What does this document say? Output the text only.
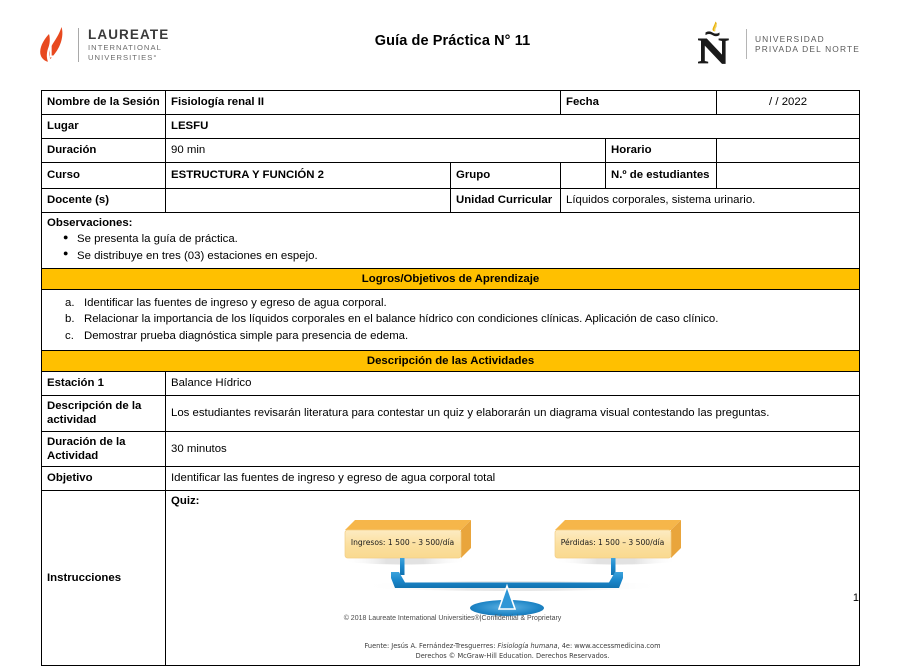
LAUREATE
INTERNATIONAL
UNIVERSITIES°
Guía de Práctica N° 11	UNIVERSIDAD
PRIVADA DEL NORTE
Nombre de la Sesión	Fisiología renal II		Fecha		/ / 2022
Lugar	LESFU				
Duración	90 min			Horario	
Curso	ESTRUCTURA Y FUNCIÓN 2	Grupo		N.º de estudiantes	
Docente (s)		Unidad Curricular	Líquidos corporales, sistema urinario.		

Observaciones:
● Se presenta la guía de práctica.
● Se distribuye en tres (03) estaciones en espejo.

Logros/Objetivos de Aprendizaje					

a. Identificar las fuentes de ingreso y egreso de agua corporal.
b. Relacionar la importancia de los líquidos corporales en el balance hídrico con condiciones clínicas. Aplicación de caso clínico.
c. Demostrar prueba diagnóstica simple para presencia de edema.

Descripción de las Actividades					
Estación 1	Balance Hídrico				
Descripción de la actividad	Los estudiantes revisarán literatura para contestar un quiz y elaborarán un diagrama visual contestando las preguntas.				
Duración de la Actividad	30 minutos				
Objetivo	Identificar las fuentes de ingreso y egreso de agua corporal total				
Instrucciones	Quiz:
Ingresos: 1 500 – 3 500/día Pérdidas: 1 500 – 3 500/día
Fuente: Jesús A. Fernández-Tresguerres: Fisiología humana, 4e: www.accessmedicina.com
Derechos © McGraw-Hill Education. Derechos Reservados.				
1
© 2018 Laureate International Universities®|Confidential & Proprietary
